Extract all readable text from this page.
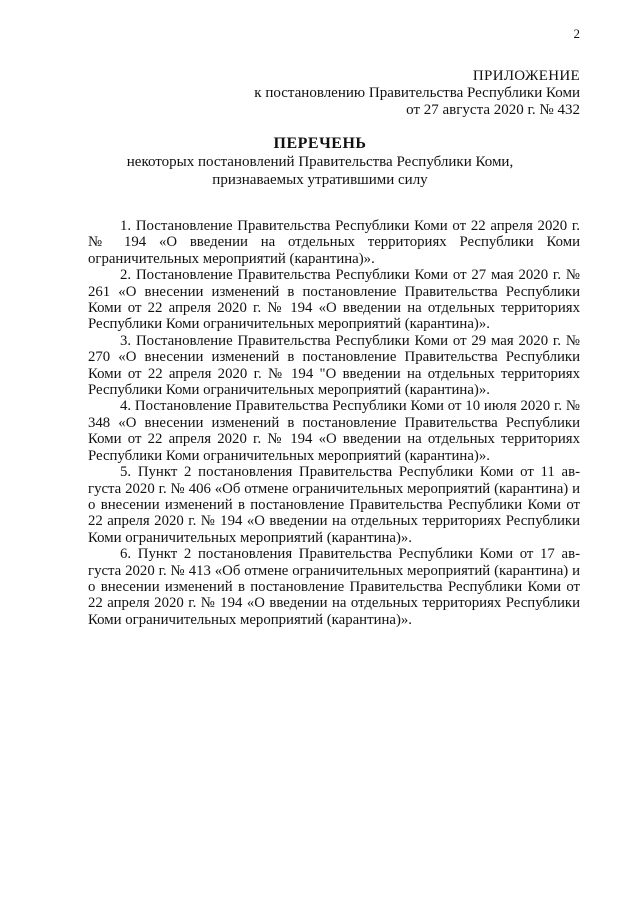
2
ПРИЛОЖЕНИЕ
к постановлению Правительства Республики Коми
от 27 августа 2020 г. № 432
ПЕРЕЧЕНЬ
некоторых постановлений Правительства Республики Коми,
признаваемых утратившими силу

1. Постановление Правительства Республики Коми от 22 апреля 2020 г. № 194 «О введении на отдельных территориях Республики Коми ограничительных мероприятий (карантина)».

2. Постановление Правительства Республики Коми от 27 мая 2020 г. № 261 «О внесении изменений в постановление Правительства Республики Коми от 22 апреля 2020 г. № 194 «О введении на отдельных территориях Республики Коми ограничительных мероприятий (карантина)».

3. Постановление Правительства Республики Коми от 29 мая 2020 г. № 270 «О внесении изменений в постановление Правительства Республики Коми от 22 апреля 2020 г. № 194 "О введении на отдельных территориях Республики Коми ограничительных мероприятий (карантина)».

4. Постановление Правительства Республики Коми от 10 июля 2020 г. № 348 «О внесении изменений в постановление Правительства Республики Коми от 22 апреля 2020 г. № 194 «О введении на отдельных территориях Республики Коми ограничительных мероприятий (карантина)».

5. Пункт 2 постановления Правительства Республики Коми от 11 августа 2020 г. № 406 «Об отмене ограничительных мероприятий (карантина) и о внесении изменений в постановление Правительства Республики Коми от 22 апреля 2020 г. № 194 «О введении на отдельных территориях Республики Коми ограничительных мероприятий (карантина)».

6. Пункт 2 постановления Правительства Республики Коми от 17 августа 2020 г. № 413 «Об отмене ограничительных мероприятий (карантина) и о внесении изменений в постановление Правительства Республики Коми от 22 апреля 2020 г. № 194 «О введении на отдельных территориях Республики Коми ограничительных мероприятий (карантина)».
